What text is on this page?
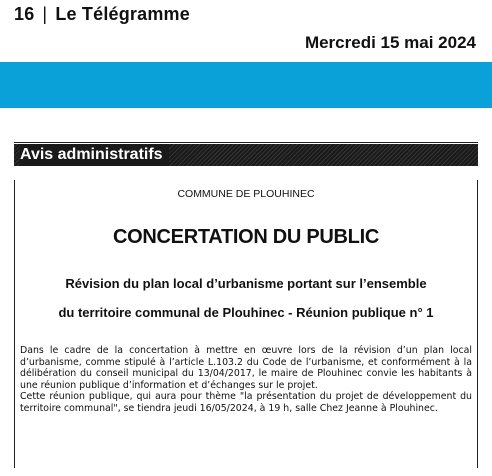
16 | Le Télégramme
Mercredi 15 mai 2024
Avis administratifs
COMMUNE DE PLOUHINEC
CONCERTATION DU PUBLIC
Révision du plan local d’urbanisme portant sur l’ensemble
du territoire communal de Plouhinec - Réunion publique n° 1

Dans le cadre de la concertation à mettre en œuvre lors de la révision d’un plan local d’urbanisme, comme stipulé à l’article L.103.2 du Code de l’urbanisme, et conformément à la délibération du conseil municipal du 13/04/2017, le maire de Plouhinec convie les habitants à une réunion publique d’information et d’échanges sur le projet.

Cette réunion publique, qui aura pour thème "la présentation du projet de développement du territoire communal", se tiendra jeudi 16/05/2024, à 19 h, salle Chez Jeanne à Plouhinec.
